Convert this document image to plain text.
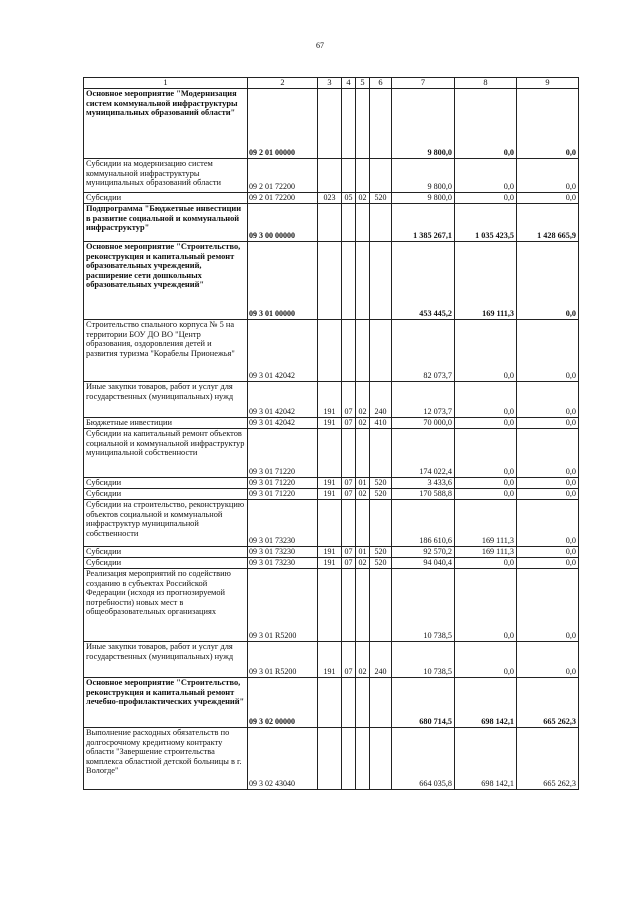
67
1	2	3	4	5	6	7	8	9
Основное мероприятие "Модернизация систем коммунальной инфраструктуры муниципальных образований области"	09 2 01 00000					9 800,0	0,0	0,0
Субсидии на модернизацию систем коммунальной инфраструктуры муниципальных образований области	09 2 01 72200					9 800,0	0,0	0,0
Субсидии	09 2 01 72200	023	05	02	520	9 800,0	0,0	0,0
Подпрограмма "Бюджетные инвестиции в развитие социальной и коммунальной инфраструктур"	09 3 00 00000					1 385 267,1	1 035 423,5	1 428 665,9
Основное мероприятие "Строительство, реконструкция и капитальный ремонт образовательных учреждений, расширение сети дошкольных образовательных учреждений"	09 3 01 00000					453 445,2	169 111,3	0,0
Строительство спального корпуса № 5 на территории БОУ ДО ВО "Центр образования, оздоровления детей и развития туризма "Корабелы Прионежья"	09 3 01 42042					82 073,7	0,0	0,0
Иные закупки товаров, работ и услуг для государственных (муниципальных) нужд	09 3 01 42042	191	07	02	240	12 073,7	0,0	0,0
Бюджетные инвестиции	09 3 01 42042	191	07	02	410	70 000,0	0,0	0,0
Субсидии на капитальный ремонт объектов социальной и коммунальной инфраструктур муниципальной собственности	09 3 01 71220					174 022,4	0,0	0,0
Субсидии	09 3 01 71220	191	07	01	520	3 433,6	0,0	0,0
Субсидии	09 3 01 71220	191	07	02	520	170 588,8	0,0	0,0
Субсидии на строительство, реконструкцию объектов социальной и коммунальной инфраструктур муниципальной собственности	09 3 01 73230					186 610,6	169 111,3	0,0
Субсидии	09 3 01 73230	191	07	01	520	92 570,2	169 111,3	0,0
Субсидии	09 3 01 73230	191	07	02	520	94 040,4	0,0	0,0
Реализация мероприятий по содействию созданию в субъектах Российской Федерации (исходя из прогнозируемой потребности) новых мест в общеобразовательных организациях	09 3 01 R5200					10 738,5	0,0	0,0
Иные закупки товаров, работ и услуг для государственных (муниципальных) нужд	09 3 01 R5200	191	07	02	240	10 738,5	0,0	0,0
Основное мероприятие "Строительство, реконструкция и капитальный ремонт лечебно-профилактических учреждений"	09 3 02 00000					680 714,5	698 142,1	665 262,3
Выполнение расходных обязательств по долгосрочному кредитному контракту области "Завершение строительства комплекса областной детской больницы в г. Вологде"	09 3 02 43040					664 035,8	698 142,1	665 262,3
